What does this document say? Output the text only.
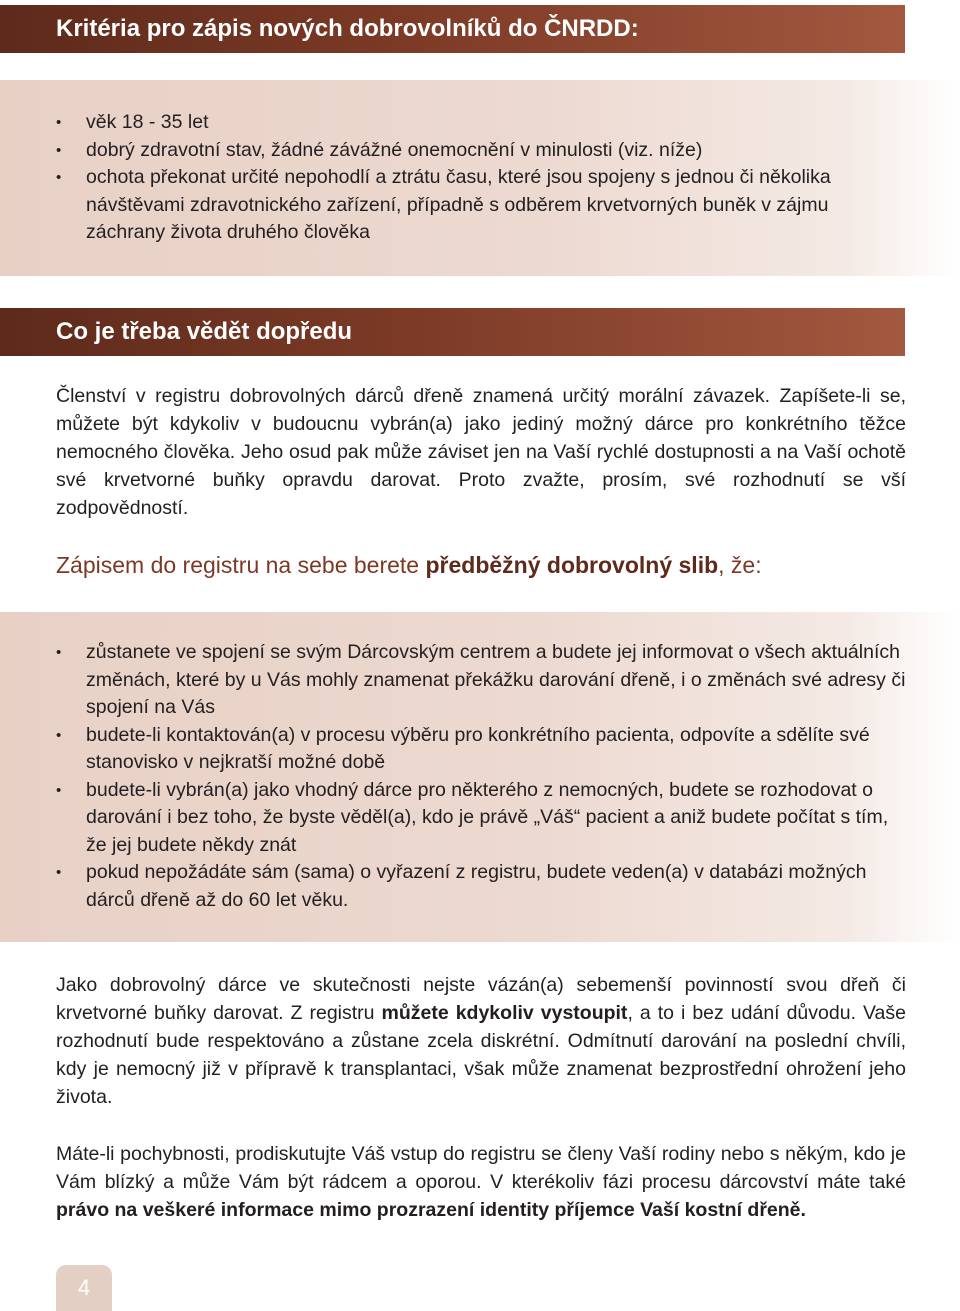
Kritéria pro zápis nových dobrovolníků do ČNRDD:
• věk 18 - 35 let
• dobrý zdravotní stav, žádné závážné onemocnění v minulosti (viz. níže)
• ochota překonat určité nepohodlí a ztrátu času, které jsou spojeny s jednou či několika návštěvami zdravotnického zařízení, případně s odběrem krvetvorných buněk v zájmu záchrany života druhého člověka
Co je třeba vědět dopředu

Členství v registru dobrovolných dárců dřeně znamená určitý morální závazek. Zapíšete-li se, můžete být kdykoliv v budoucnu vybrán(a) jako jediný možný dárce pro konkrétního těžce nemocného člověka. Jeho osud pak může záviset jen na Vaší rychlé dostupnosti a na Vaší ochotě své krvetvorné buňky opravdu darovat. Proto zvažte, prosím, své rozhodnutí se vší zodpovědností.

Zápisem do registru na sebe berete předběžný dobrovolný slib, že:

• zůstanete ve spojení se svým Dárcovským centrem a budete jej informovat o všech aktuálních změnách, které by u Vás mohly znamenat překážku darování dřeně, i o změnách své adresy či spojení na Vás
• budete-li kontaktován(a) v procesu výběru pro konkrétního pacienta, odpovíte a sdělíte své stanovisko v nejkratší možné době
• budete-li vybrán(a) jako vhodný dárce pro některého z nemocných, budete se rozhodovat o darování i bez toho, že byste věděl(a), kdo je právě „Váš“ pacient a aniž budete počítat s tím, že jej budete někdy znát
• pokud nepožádáte sám (sama) o vyřazení z registru, budete veden(a) v databázi možných dárců dřeně až do 60 let věku.

Jako dobrovolný dárce ve skutečnosti nejste vázán(a) sebemenší povinností svou dřeň či krvetvorné buňky darovat. Z registru můžete kdykoliv vystoupit, a to i bez udání důvodu. Vaše rozhodnutí bude respektováno a zůstane zcela diskrétní. Odmítnutí darování na poslední chvíli, kdy je nemocný již v přípravě k transplantaci, však může znamenat bezprostřední ohrožení jeho života.

Máte-li pochybnosti, prodiskutujte Váš vstup do registru se členy Vaší rodiny nebo s někým, kdo je Vám blízký a může Vám být rádcem a oporou. V kterékoliv fázi procesu dárcovství máte také právo na veškeré informace mimo prozrazení identity příjemce Vaší kostní dřeně.

4
